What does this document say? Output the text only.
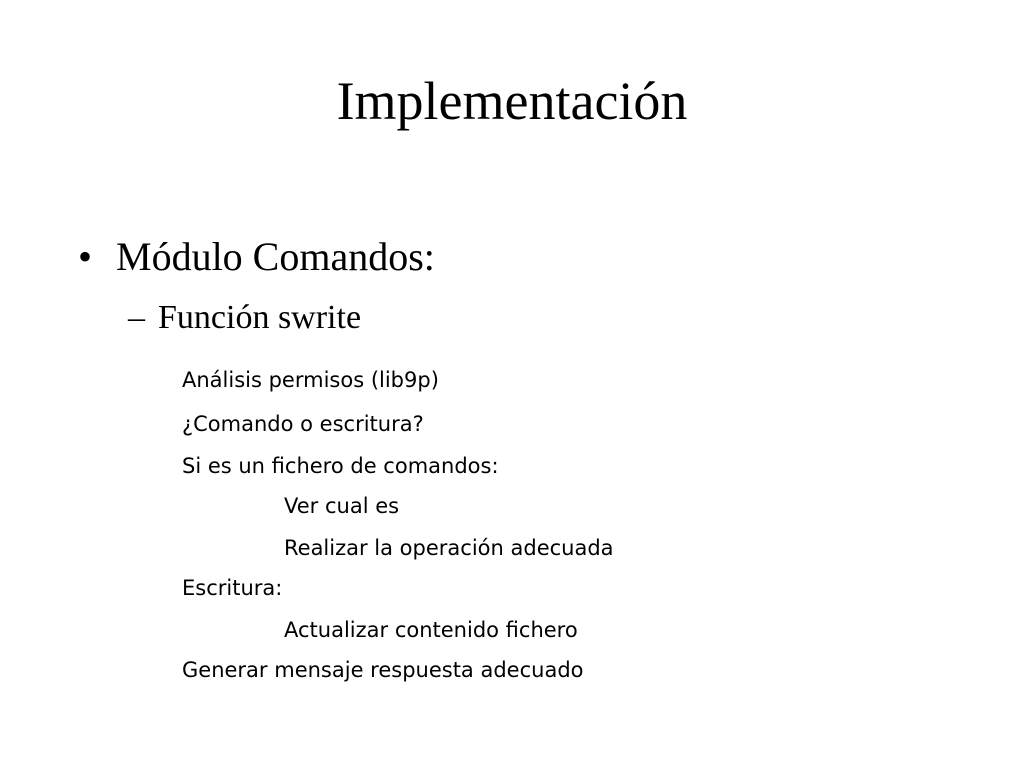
Implementación
• Módulo Comandos:
– Función swrite
Análisis permisos (lib9p)
¿Comando o escritura?
Si es un fichero de comandos:
Ver cual es
Realizar la operación adecuada
Escritura:
Actualizar contenido fichero
Generar mensaje respuesta adecuado
